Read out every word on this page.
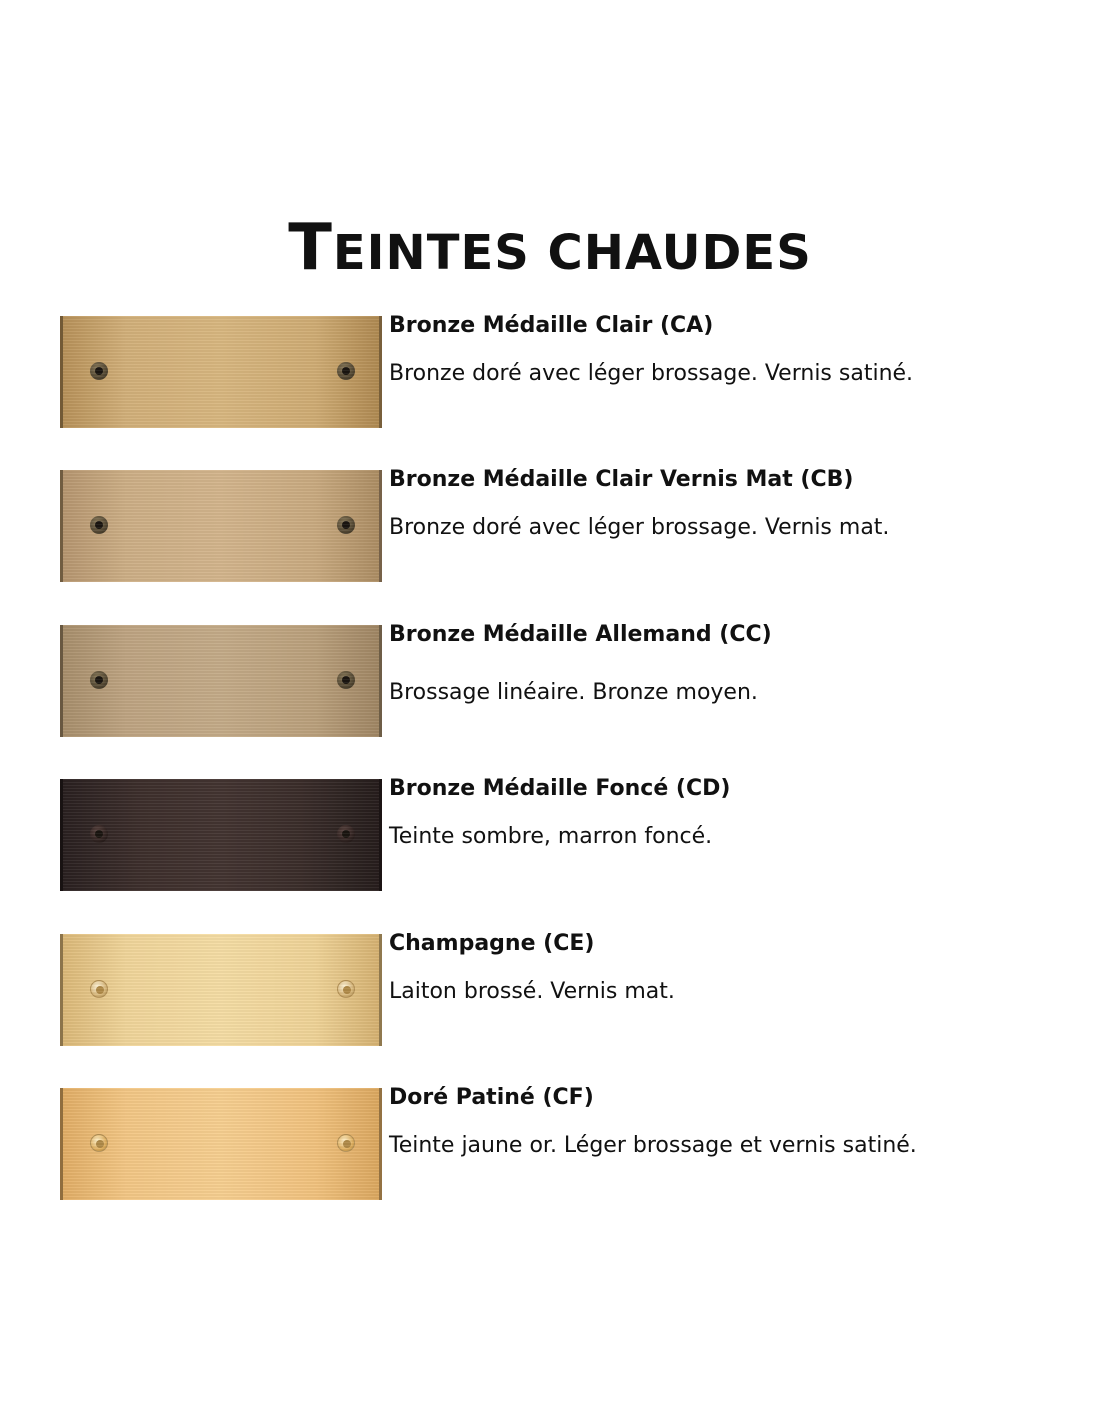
TEINTES CHAUDES

Bronze Médaille Clair (CA)

Bronze doré avec léger brossage. Vernis satiné.

Bronze Médaille Clair Vernis Mat (CB)

Bronze doré avec léger brossage. Vernis mat.

Bronze Médaille Allemand (CC)

Brossage linéaire. Bronze moyen.

Bronze Médaille Foncé (CD)

Teinte sombre, marron foncé.

Champagne (CE)

Laiton brossé. Vernis mat.

Doré Patiné (CF)

Teinte jaune or. Léger brossage et vernis satiné.
